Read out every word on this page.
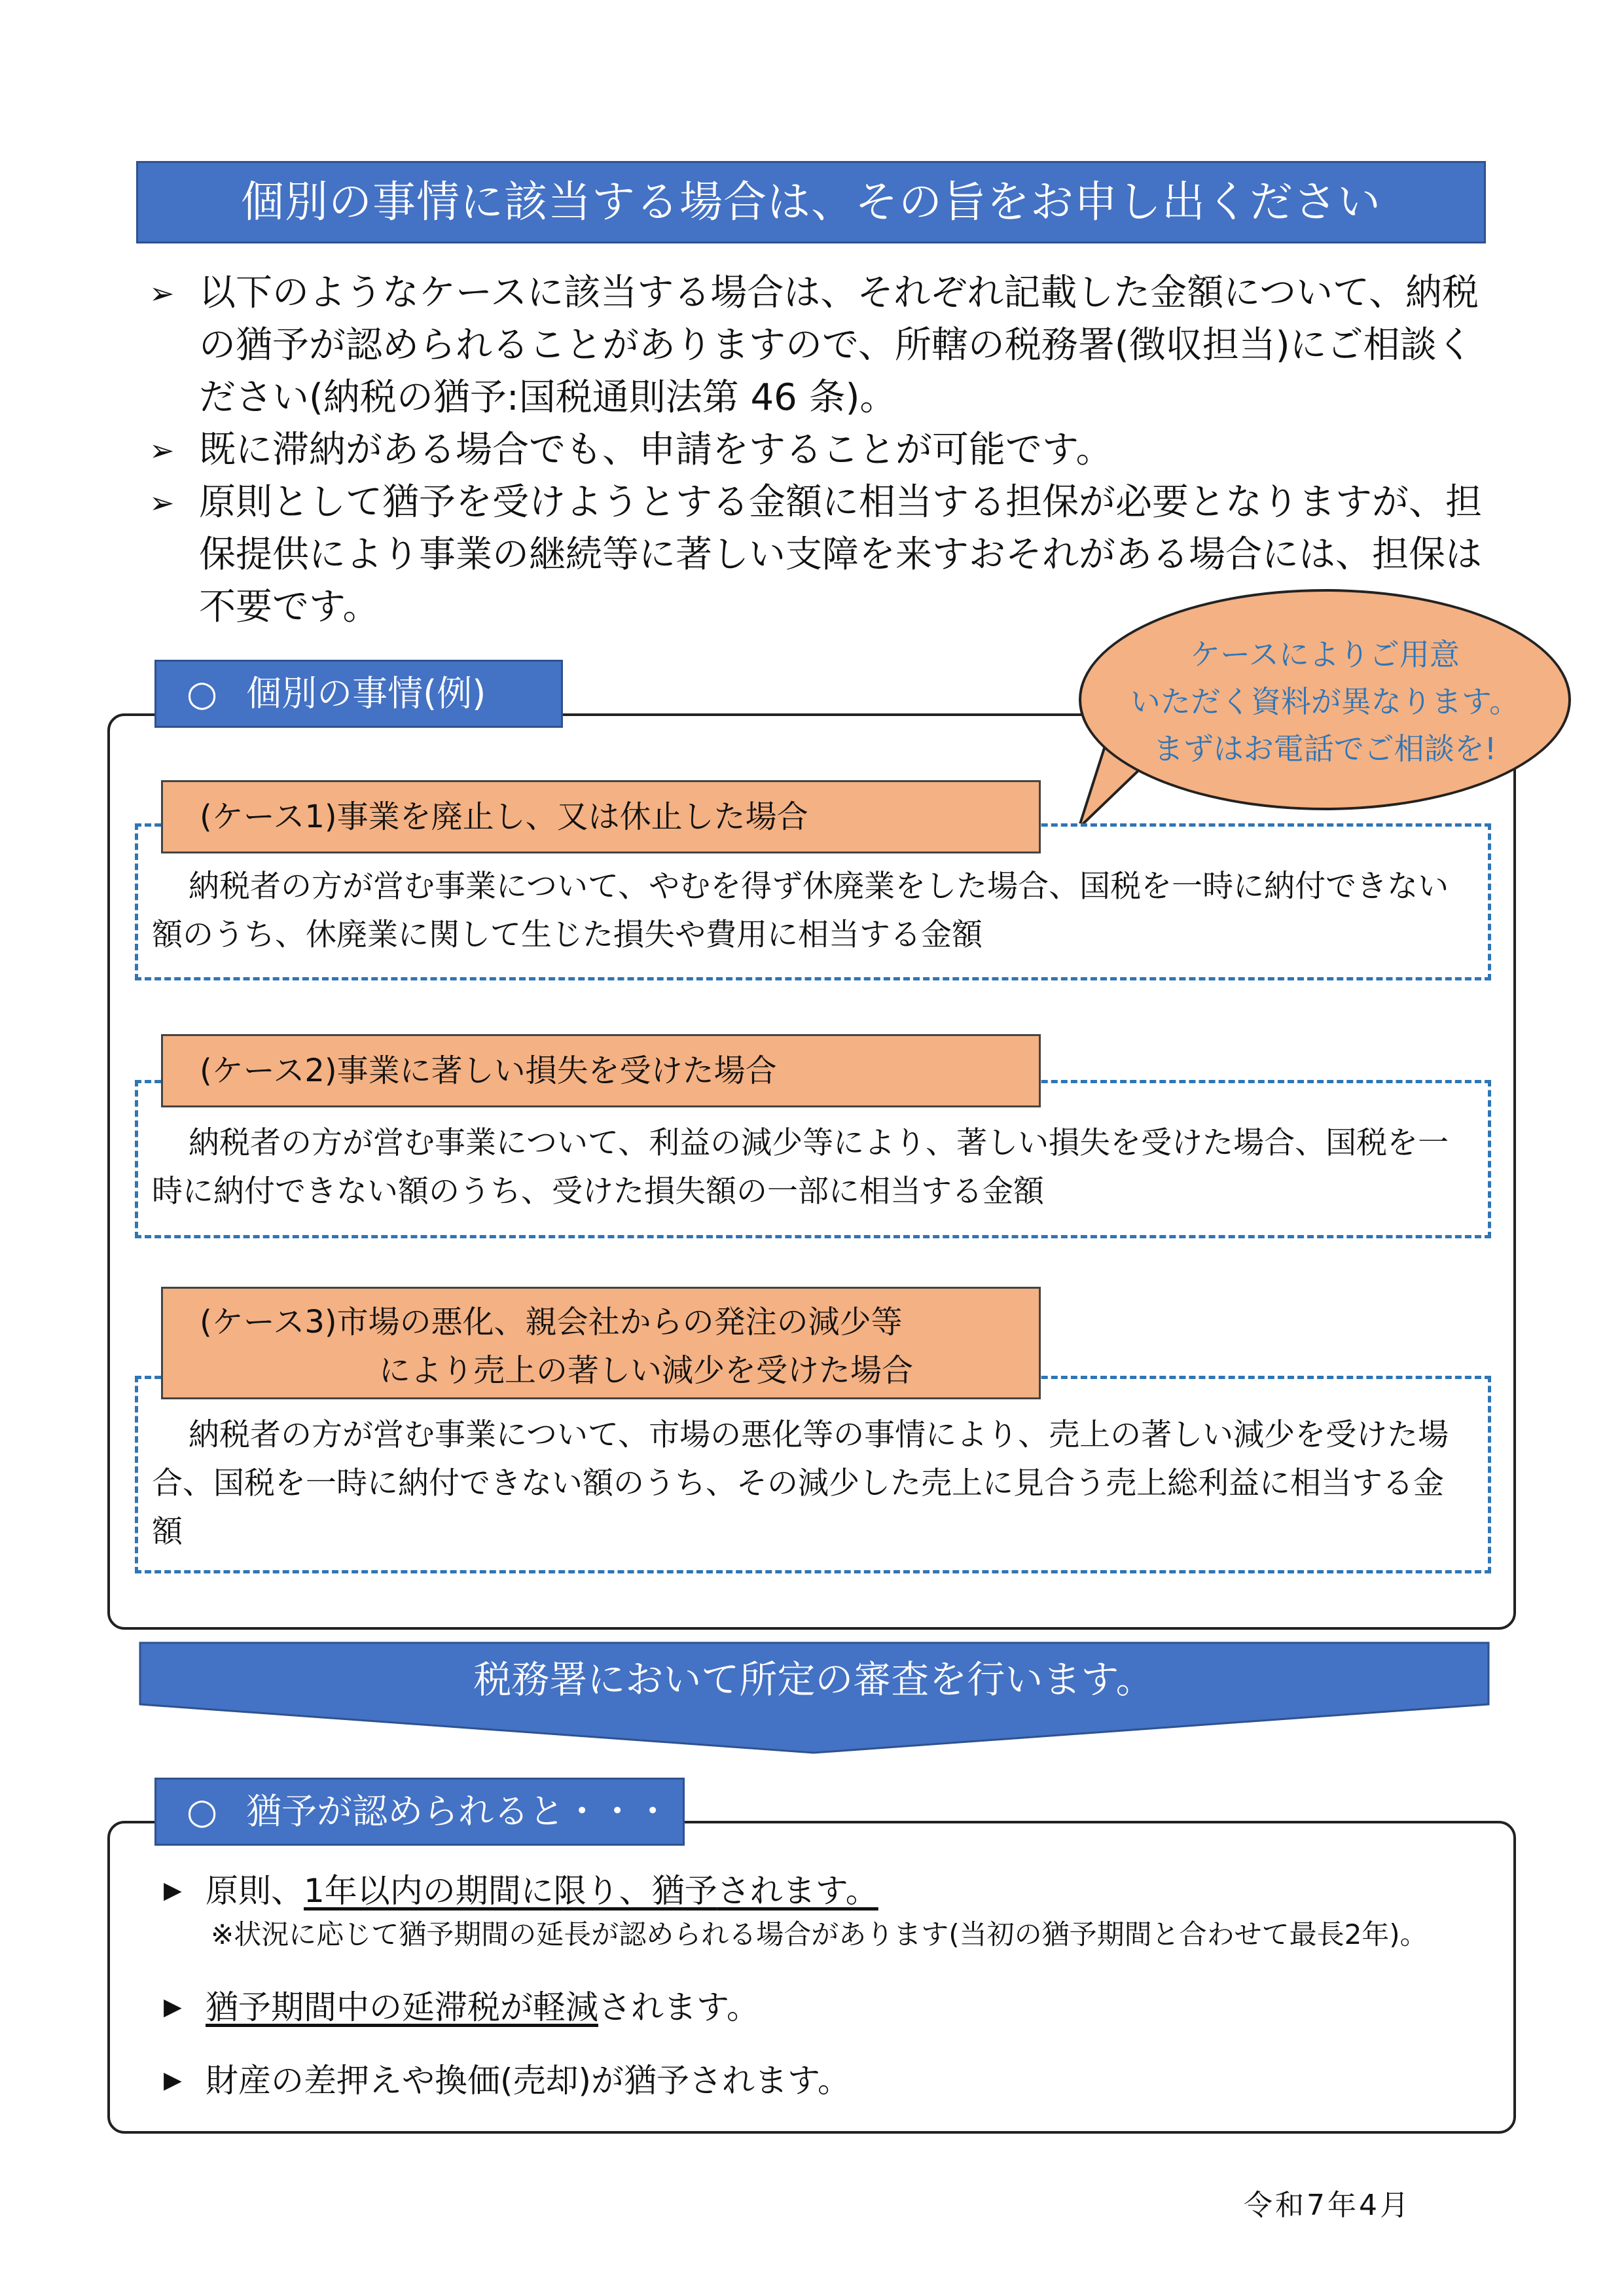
個別の事情に該当する場合は、その旨をお申し出ください

➢ 以下のようなケースに該当する場合は、それぞれ記載した金額について、納税の猶予が認められることがありますので、所轄の税務署(徴収担当)にご相談ください(納税の猶予:国税通則法第 46 条)。

➢ 既に滞納がある場合でも、申請をすることが可能です。

➢ 原則として猶予を受けようとする金額に相当する担保が必要となりますが、担保提供により事業の継続等に著しい支障を来すおそれがある場合には、担保は不要です。

○ 個別の事情(例)
ケースによりご用意
いただく資料が異なります。
まずはお電話でご相談を!
(ケース1)事業を廃止し、又は休止した場合
納税者の方が営む事業について、やむを得ず休廃業をした場合、国税を一時に納付できない額のうち、休廃業に関して生じた損失や費用に相当する金額
(ケース2)事業に著しい損失を受けた場合
納税者の方が営む事業について、利益の減少等により、著しい損失を受けた場合、国税を一時に納付できない額のうち、受けた損失額の一部に相当する金額
(ケース3)市場の悪化、親会社からの発注の減少等
により売上の著しい減少を受けた場合
納税者の方が営む事業について、市場の悪化等の事情により、売上の著しい減少を受けた場合、国税を一時に納付できない額のうち、その減少した売上に見合う売上総利益に相当する金額
税務署において所定の審査を行います。
○ 猶予が認められると・・・
▶ 原則、1年以内の期間に限り、猶予されます。
※状況に応じて猶予期間の延長が認められる場合があります(当初の猶予期間と合わせて最長2年)。
▶ 猶予期間中の延滞税が軽減されます。
▶ 財産の差押えや換価(売却)が猶予されます。
令和7年4月
